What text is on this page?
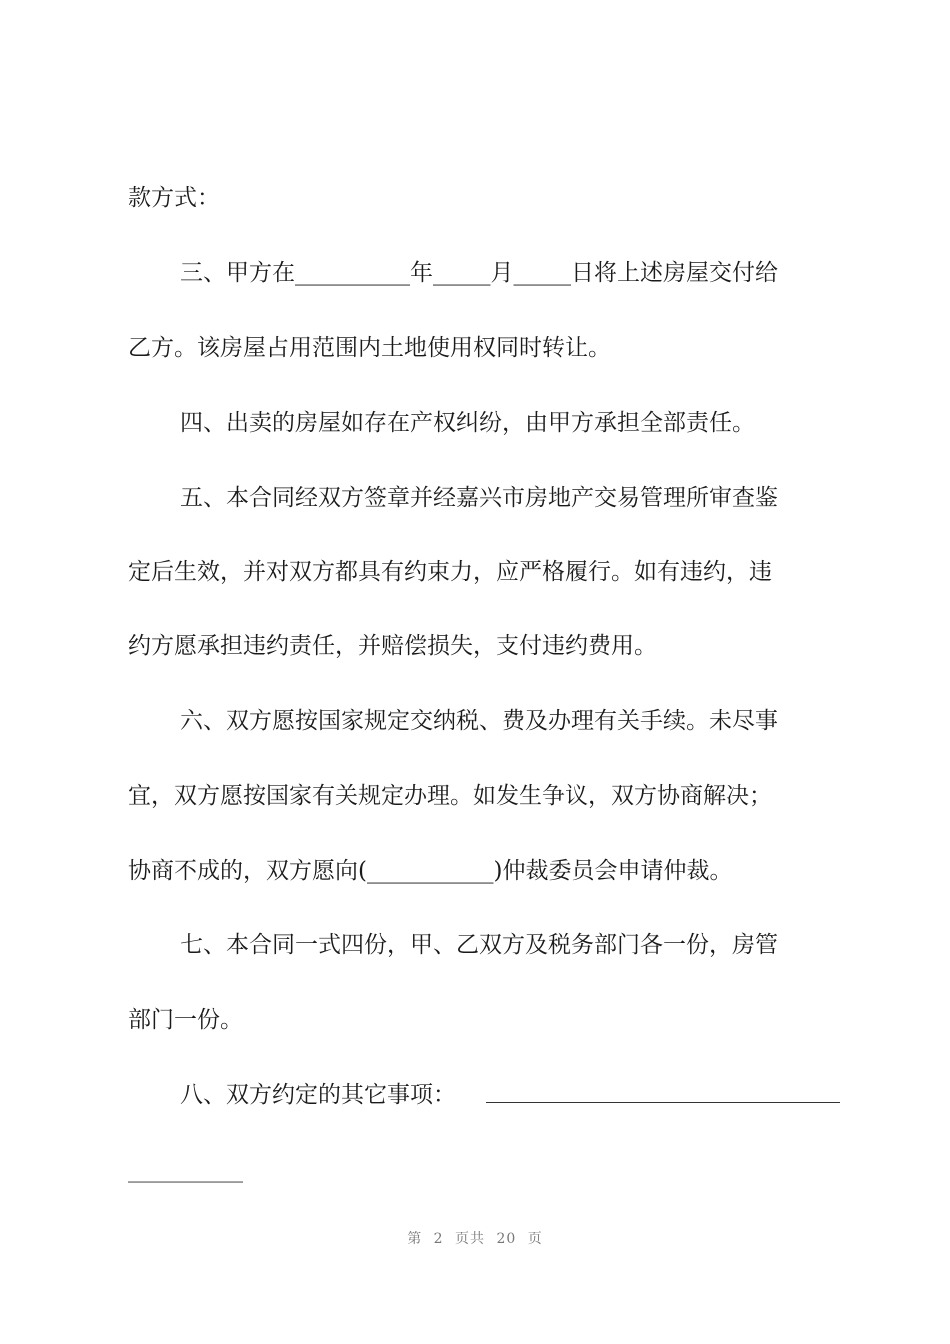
款方式：
三、甲方在__________年_____月_____日将上述房屋交付给
乙方。该房屋占用范围内土地使用权同时转让。
四、出卖的房屋如存在产权纠纷，由甲方承担全部责任。
五、本合同经双方签章并经嘉兴市房地产交易管理所审查鉴
定后生效，并对双方都具有约束力，应严格履行。如有违约，违
约方愿承担违约责任，并赔偿损失，支付违约费用。
六、双方愿按国家规定交纳税、费及办理有关手续。未尽事
宜，双方愿按国家有关规定办理。如发生争议，双方协商解决；
协商不成的，双方愿向(___________)仲裁委员会申请仲裁。
七、本合同一式四份，甲、乙双方及税务部门各一份，房管
部门一份。
八、双方约定的其它事项：
__________
第 2 页共 20 页
